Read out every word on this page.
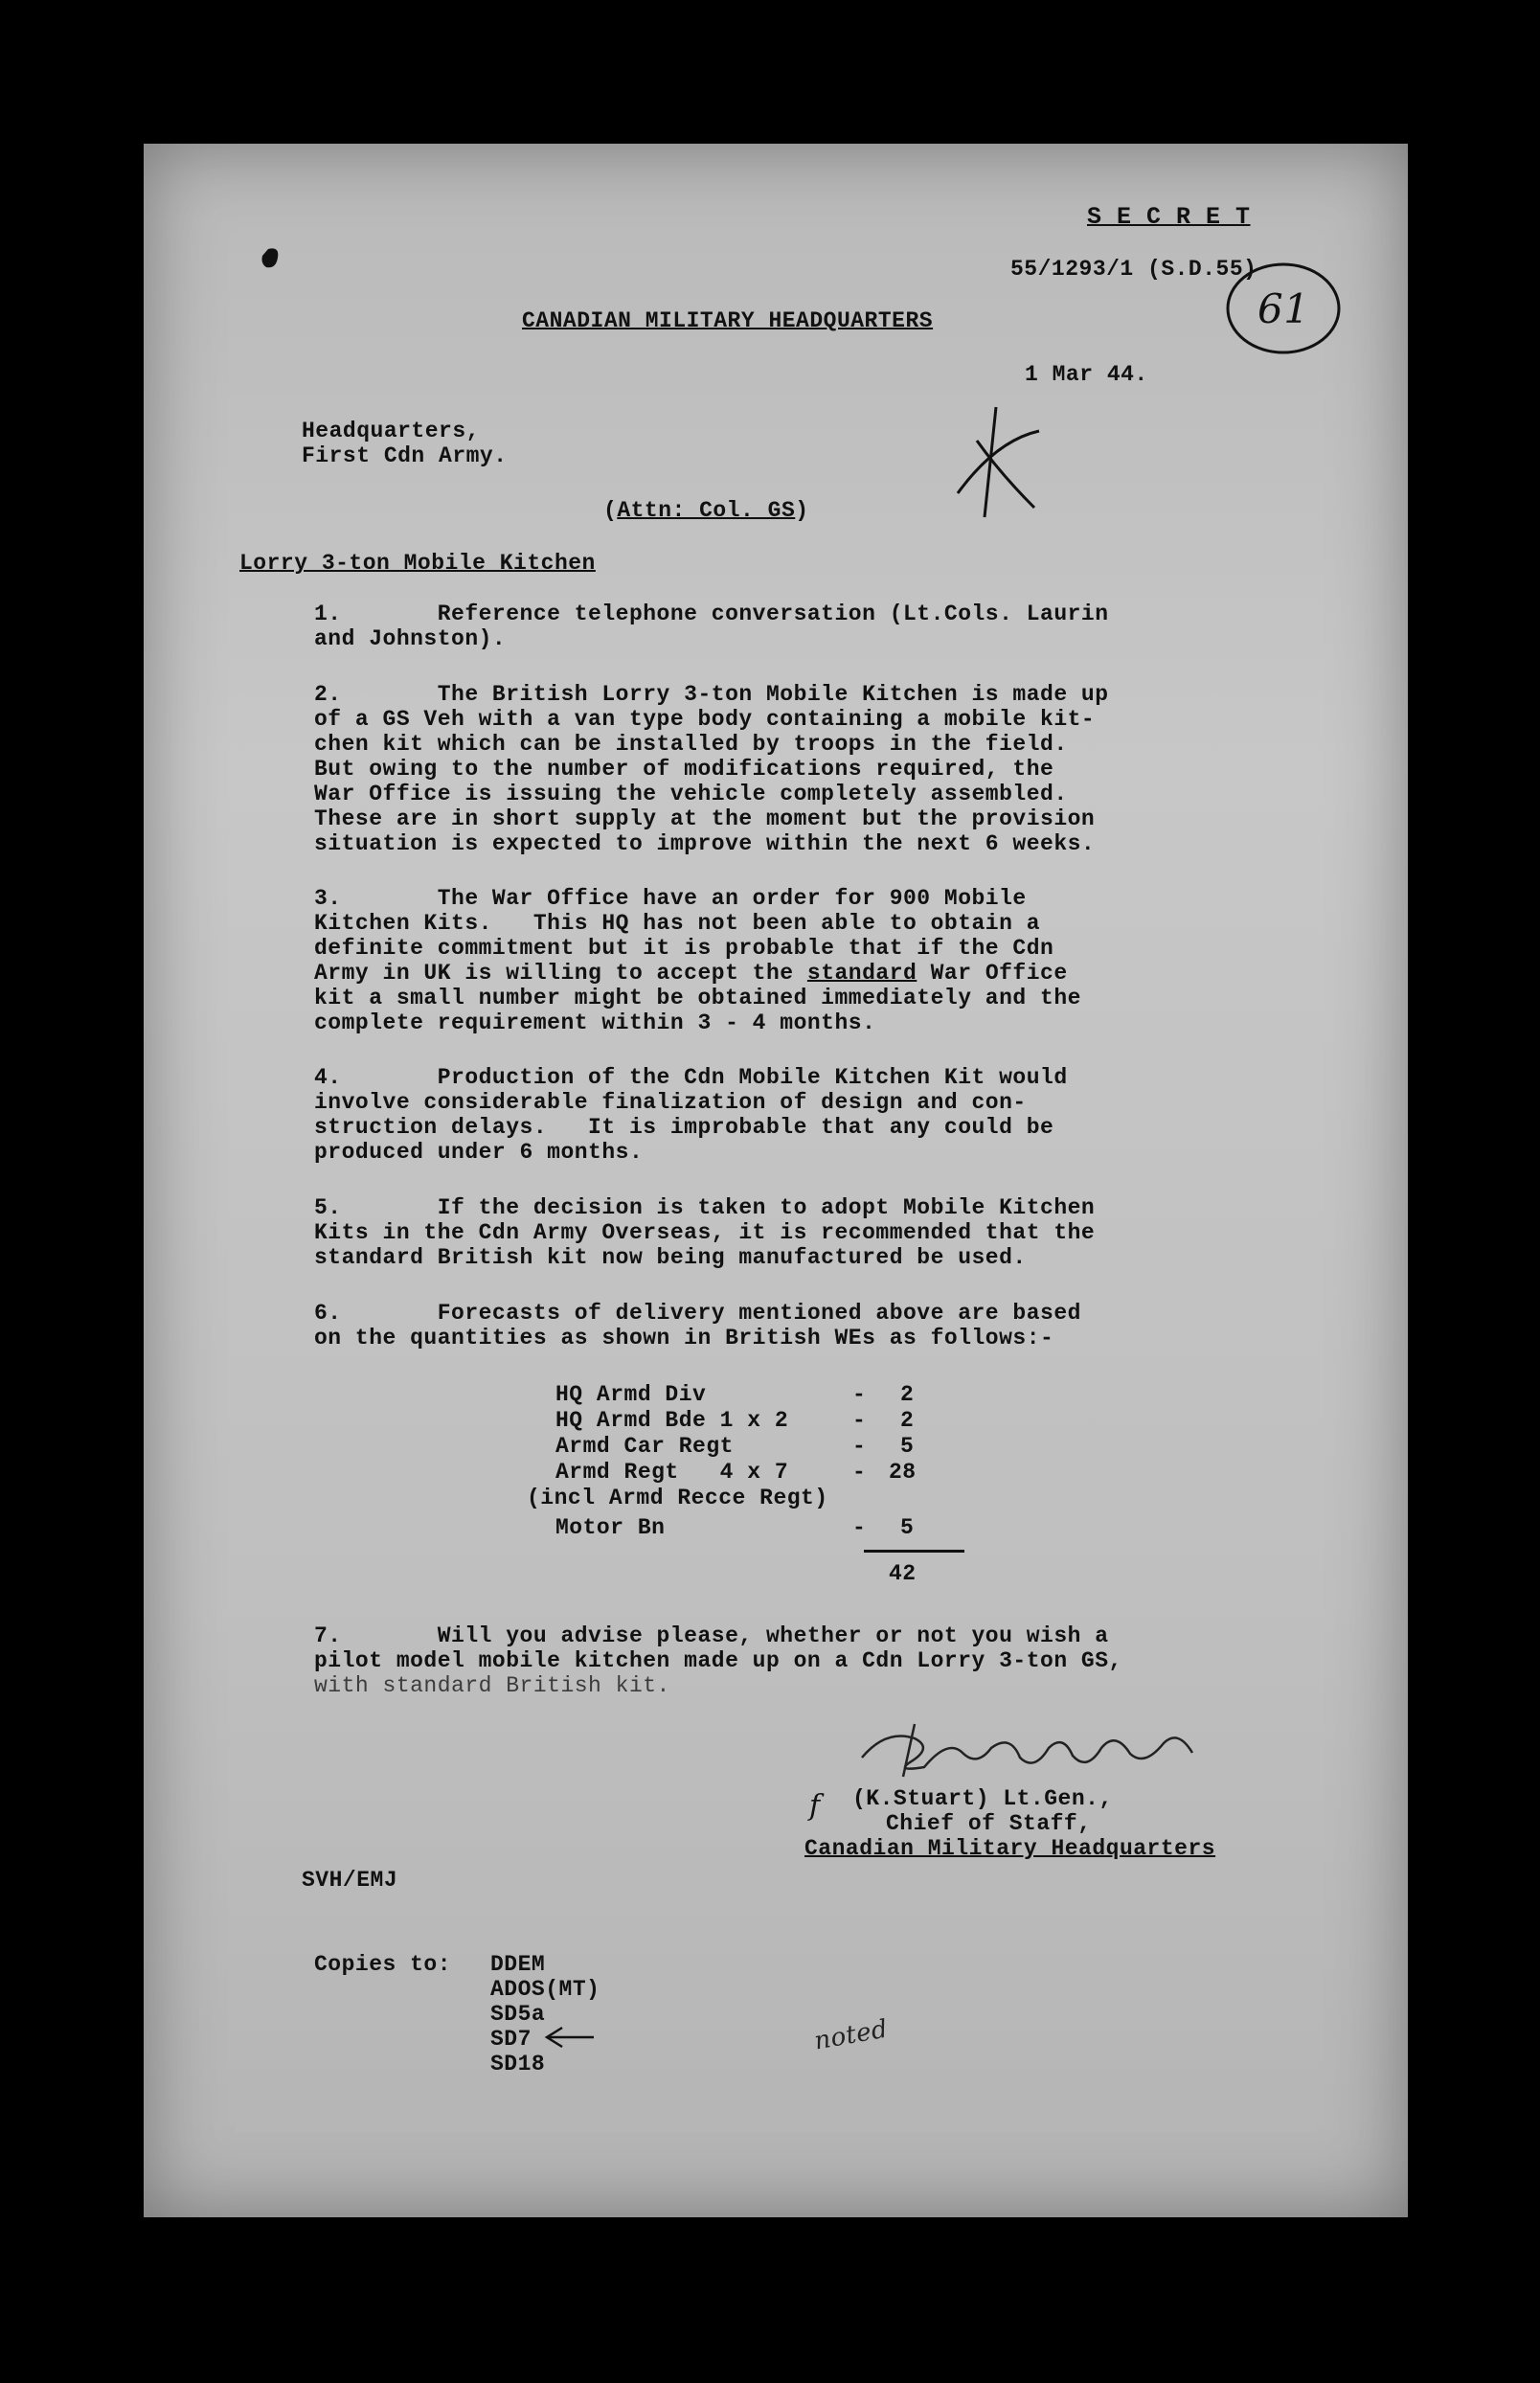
S E C R E T
55/1293/1 (S.D.55)
CANADIAN MILITARY HEADQUARTERS
1 Mar 44.
61
Headquarters,
First Cdn Army.
(Attn: Col. GS)
Lorry 3-ton Mobile Kitchen
1.       Reference telephone conversation (Lt.Cols. Laurin
and Johnston).
2.       The British Lorry 3-ton Mobile Kitchen is made up
of a GS Veh with a van type body containing a mobile kit-
chen kit which can be installed by troops in the field.
But owing to the number of modifications required, the
War Office is issuing the vehicle completely assembled.
These are in short supply at the moment but the provision
situation is expected to improve within the next 6 weeks.
3.       The War Office have an order for 900 Mobile
Kitchen Kits.   This HQ has not been able to obtain a
definite commitment but it is probable that if the Cdn
Army in UK is willing to accept the standard War Office
kit a small number might be obtained immediately and the
complete requirement within 3 - 4 months.
4.       Production of the Cdn Mobile Kitchen Kit would
involve considerable finalization of design and con-
struction delays.   It is improbable that any could be
produced under 6 months.
5.       If the decision is taken to adopt Mobile Kitchen
Kits in the Cdn Army Overseas, it is recommended that the
standard British kit now being manufactured be used.
6.       Forecasts of delivery mentioned above are based
on the quantities as shown in British WEs as follows:-
HQ Armd Div	- 2
HQ Armd Bde 1 x 2	- 2
Armd Car Regt	- 5
Armd Regt   4 x 7	- 28
(incl Armd Recce Regt)
Motor Bn	- 5
42
7.       Will you advise please, whether or not you wish a
pilot model mobile kitchen made up on a Cdn Lorry 3-ton GS,
with standard British kit.
f (K.Stuart) Lt.Gen.,
Chief of Staff,
Canadian Military Headquarters
SVH/EMJ
Copies to: DDEM
ADOS(MT)
SD5a
SD7
SD18
noted
